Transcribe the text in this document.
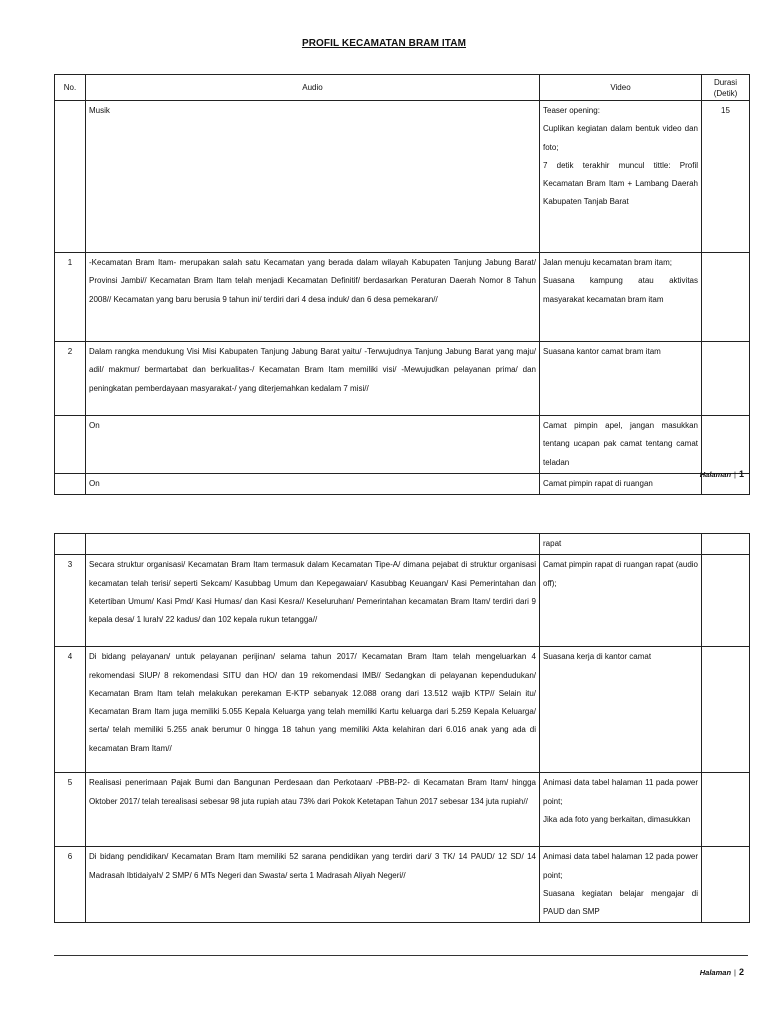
PROFIL KECAMATAN BRAM ITAM
No.	Audio	Video	Durasi
(Detik)

	Musik	Teaser opening:
Cuplikan kegiatan dalam bentuk video dan foto;
7 detik terakhir muncul tittle: Profil Kecamatan Bram Itam + Lambang Daerah Kabupaten Tanjab Barat	15
1	-Kecamatan Bram Itam- merupakan salah satu Kecamatan yang berada dalam wilayah Kabupaten Tanjung Jabung Barat/ Provinsi Jambi// Kecamatan Bram Itam telah menjadi Kecamatan Definitif/ berdasarkan Peraturan Daerah Nomor 8 Tahun 2008// Kecamatan yang baru berusia 9 tahun ini/ terdiri dari 4 desa induk/ dan 6 desa pemekaran//	Jalan menuju kecamatan bram itam;
Suasana kampung atau aktivitas masyarakat kecamatan bram itam	

2	Dalam rangka mendukung Visi Misi Kabupaten Tanjung Jabung Barat yaitu/ -Terwujudnya Tanjung Jabung Barat yang maju/ adil/ makmur/ bermartabat dan berkualitas-/ Kecamatan Bram Itam memiliki visi/ -Mewujudkan pelayanan prima/ dan peningkatan pemberdayaan masyarakat-/ yang diterjemahkan kedalam 7 misi//	Suasana kantor camat bram itam	

	On	Camat pimpin apel, jangan masukkan tentang ucapan pak camat tentang camat teladan	

	On	Camat pimpin rapat di ruangan	

Halaman | 1

		rapat	

3	Secara struktur organisasi/ Kecamatan Bram Itam termasuk dalam Kecamatan Tipe-A/ dimana pejabat di struktur organisasi kecamatan telah terisi/ seperti Sekcam/ Kasubbag Umum dan Kepegawaian/ Kasubbag Keuangan/ Kasi Pemerintahan dan Ketertiban Umum/ Kasi Pmd/ Kasi Humas/ dan Kasi Kesra// Keseluruhan/ Pemerintahan kecamatan Bram Itam/ terdiri dari 9 kepala desa/ 1 lurah/ 22 kadus/ dan 102 kepala rukun tetangga//	Camat pimpin rapat di ruangan rapat (audio off);	

4	Di bidang pelayanan/ untuk pelayanan perijinan/ selama tahun 2017/ Kecamatan Bram Itam telah mengeluarkan 4 rekomendasi SIUP/ 8 rekomendasi SITU dan HO/ dan 19 rekomendasi IMB// Sedangkan di pelayanan kependudukan/ Kecamatan Bram Itam telah melakukan perekaman E-KTP sebanyak 12.088 orang dari 13.512 wajib KTP// Selain itu/ Kecamatan Bram Itam juga memiliki 5.055 Kepala Keluarga yang telah memiliki Kartu keluarga dari 5.259 Kepala Keluarga/ serta/ telah memiliki 5.255 anak berumur 0 hingga 18 tahun yang memiliki Akta kelahiran dari 6.016 anak yang ada di kecamatan Bram Itam//	Suasana kerja di kantor camat	

5	Realisasi penerimaan Pajak Bumi dan Bangunan Perdesaan dan Perkotaan/ -PBB-P2- di Kecamatan Bram Itam/ hingga Oktober 2017/ telah terealisasi sebesar 98 juta rupiah atau 73% dari Pokok Ketetapan Tahun 2017 sebesar 134 juta rupiah//	Animasi data tabel halaman 11 pada power point;
Jika ada foto yang berkaitan, dimasukkan	

6	Di bidang pendidikan/ Kecamatan Bram Itam memiliki 52 sarana pendidikan yang terdiri dari/ 3 TK/ 14 PAUD/ 12 SD/ 14 Madrasah Ibtidaiyah/ 2 SMP/ 6 MTs Negeri dan Swasta/ serta 1 Madrasah Aliyah Negeri//	Animasi data tabel halaman 12 pada power point;
Suasana kegiatan belajar mengajar di PAUD dan SMP	

Halaman | 2
